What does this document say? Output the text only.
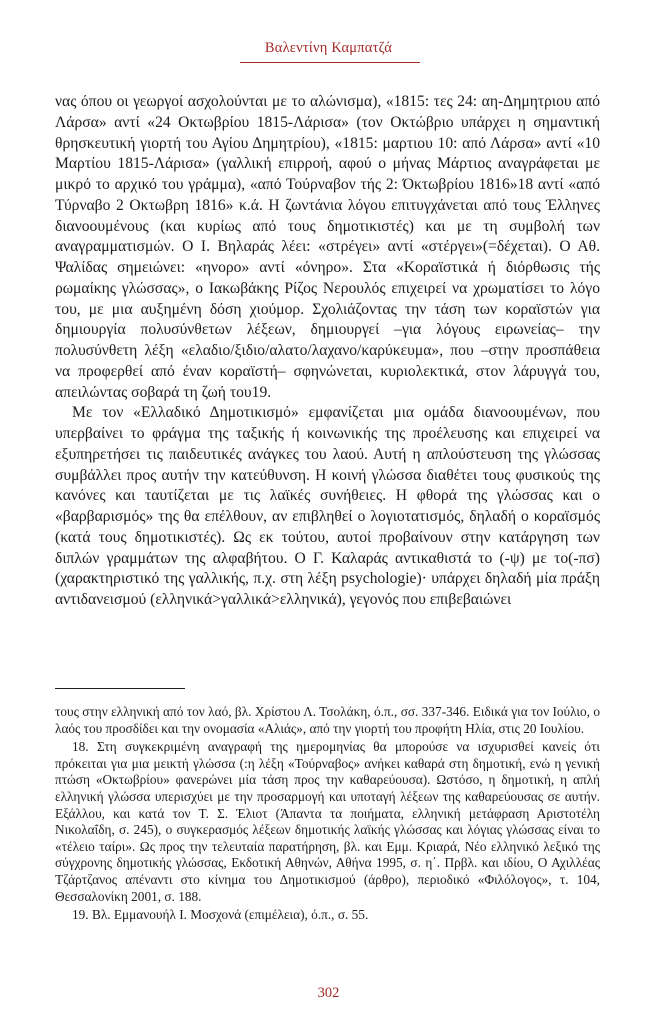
Βαλεντίνη Καμπατζά

νας όπου οι γεωργοί ασχολούνται με το αλώνισμα), «1815: τες 24: αη-Δημητριου από Λάρσα» αντί «24 Οκτωβρίου 1815-Λάρισα» (τον Οκτώβριο υπάρχει η σημαντική θρησκευτική γιορτή του Αγίου Δημητρίου), «1815: μαρτιου 10: από Λάρσα» αντί «10 Μαρτίου 1815-Λάρισα» (γαλλική επιρροή, αφού ο μήνας Μάρτιος αναγράφεται με μικρό το αρχικό του γράμμα), «από Τούρναβον τής 2: Όκτωβρίου 1816»18 αντί «από Τύρναβο 2 Οκτωβρη 1816» κ.ά. Η ζωντάνια λόγου επιτυγχάνεται από τους Έλληνες διανοουμένους (και κυρίως από τους δημοτικιστές) και με τη συμβολή των αναγραμματισμών. Ο Ι. Βηλαράς λέει: «στρέγει» αντί «στέργει»(=δέχεται). Ο Αθ. Ψαλίδας σημειώνει: «ηνορο» αντί «όνηρο». Στα «Κοραϊστικά ή διόρθωσις τής ρωμαίκης γλώσσας», ο Ιακωβάκης Ρίζος Νερουλός επιχειρεί να χρωματίσει το λόγο του, με μια αυξημένη δόση χιούμορ. Σχολιάζοντας την τάση των κοραϊστών για δημιουργία πολυσύνθετων λέξεων, δημιουργεί –για λόγους ειρωνείας– την πολυσύνθετη λέξη «ελαδιο/ξιδιο/αλατο/λαχανο/καρύκευμα», που –στην προσπάθεια να προφερθεί από έναν κοραϊστή– σφηνώνεται, κυριολεκτικά, στον λάρυγγά του, απειλώντας σοβαρά τη ζωή του19.

Με τον «Ελλαδικό Δημοτικισμό» εμφανίζεται μια ομάδα διανοουμένων, που υπερβαίνει το φράγμα της ταξικής ή κοινωνικής της προέλευσης και επιχειρεί να εξυπηρετήσει τις παιδευτικές ανάγκες του λαού. Αυτή η απλούστευση της γλώσσας συμβάλλει προς αυτήν την κατεύθυνση. Η κοινή γλώσσα διαθέτει τους φυσικούς της κανόνες και ταυτίζεται με τις λαϊκές συνήθειες. Η φθορά της γλώσσας και ο «βαρβαρισμός» της θα επέλθουν, αν επιβληθεί ο λογιοτατισμός, δηλαδή ο κοραϊσμός (κατά τους δημοτικιστές). Ως εκ τούτου, αυτοί προβαίνουν στην κατάργηση των διπλών γραμμάτων της αλφαβήτου. Ο Γ. Καλαράς αντικαθιστά το (-ψ) με το(-πσ) (χαρακτηριστικό της γαλλικής, π.χ. στη λέξη psychologie)· υπάρχει δηλαδή μία πράξη αντιδανεισμού (ελληνικά>γαλλικά>ελληνικά), γεγονός που επιβεβαιώνει

τους στην ελληνική από τον λαό, βλ. Χρίστου Λ. Τσολάκη, ό.π., σσ. 337-346. Ειδικά για τον Ιούλιο, ο λαός του προσδίδει και την ονομασία «Αλιάς», από την γιορτή του προφήτη Ηλία, στις 20 Ιουλίου.

18. Στη συγκεκριμένη αναγραφή της ημερομηνίας θα μπορούσε να ισχυρισθεί κανείς ότι πρόκειται για μια μεικτή γλώσσα (:η λέξη «Τούρναβος» ανήκει καθαρά στη δημοτική, ενώ η γενική πτώση «Οκτωβρίου» φανερώνει μία τάση προς την καθαρεύουσα). Ωστόσο, η δημοτική, η απλή ελληνική γλώσσα υπερισχύει με την προσαρμογή και υποταγή λέξεων της καθαρεύουσας σε αυτήν. Εξάλλου, και κατά τον Τ. Σ. Έλιοτ (Άπαντα τα ποιήματα, ελληνική μετάφραση Αριστοτέλη Νικολαΐδη, σ. 245), ο συγκερασμός λέξεων δημοτικής λαϊκής γλώσσας και λόγιας γλώσσας είναι το «τέλειο ταίρι». Ως προς την τελευταία παρατήρηση, βλ. και Εμμ. Κριαρά, Νέο ελληνικό λεξικό της σύγχρονης δημοτικής γλώσσας, Εκδοτική Αθηνών, Αθήνα 1995, σ. η΄. Πρβλ. και ιδίου, Ο Αχιλλέας Τζάρτζανος απέναντι στο κίνημα του Δημοτικισμού (άρθρο), περιοδικό «Φιλόλογος», τ. 104, Θεσσαλονίκη 2001, σ. 188.

19. Βλ. Εμμανουήλ Ι. Μοσχονά (επιμέλεια), ό.π., σ. 55.

302
